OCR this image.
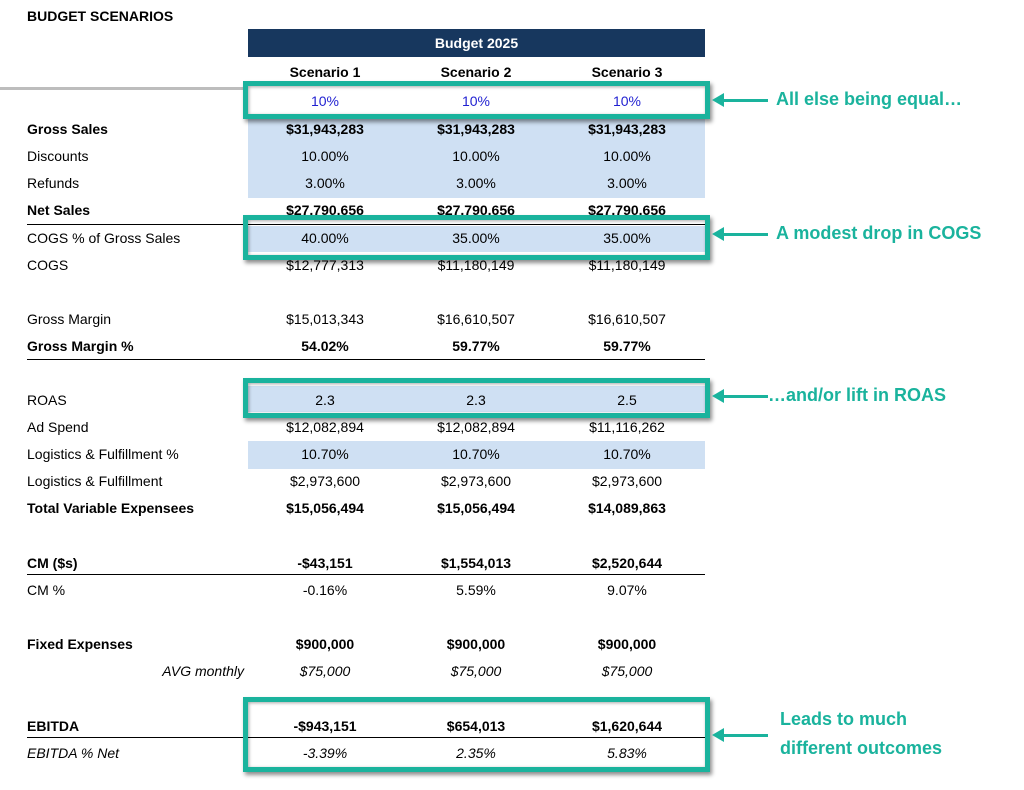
BUDGET SCENARIOS
Budget 2025
Scenario 1	Scenario 2	Scenario 3
10%	10%	10%
Gross Sales	$31,943,283	$31,943,283	$31,943,283
Discounts	10.00%	10.00%	10.00%
Refunds	3.00%	3.00%	3.00%
Net Sales	$27,790,656	$27,790,656	$27,790,656
COGS % of Gross Sales	40.00%	35.00%	35.00%
COGS	$12,777,313	$11,180,149	$11,180,149
Gross Margin	$15,013,343	$16,610,507	$16,610,507
Gross Margin %	54.02%	59.77%	59.77%
ROAS	2.3	2.3	2.5
Ad Spend	$12,082,894	$12,082,894	$11,116,262
Logistics & Fulfillment %	10.70%	10.70%	10.70%
Logistics & Fulfillment	$2,973,600	$2,973,600	$2,973,600
Total Variable Expensees	$15,056,494	$15,056,494	$14,089,863
CM ($s)	-$43,151	$1,554,013	$2,520,644
CM %	-0.16%	5.59%	9.07%
Fixed Expenses	$900,000	$900,000	$900,000
AVG monthly	$75,000	$75,000	$75,000
EBITDA	-$943,151	$654,013	$1,620,644
EBITDA % Net	-3.39%	2.35%	5.83%
All else being equal…
A modest drop in COGS
…and/or lift in ROAS
Leads to much
different outcomes
